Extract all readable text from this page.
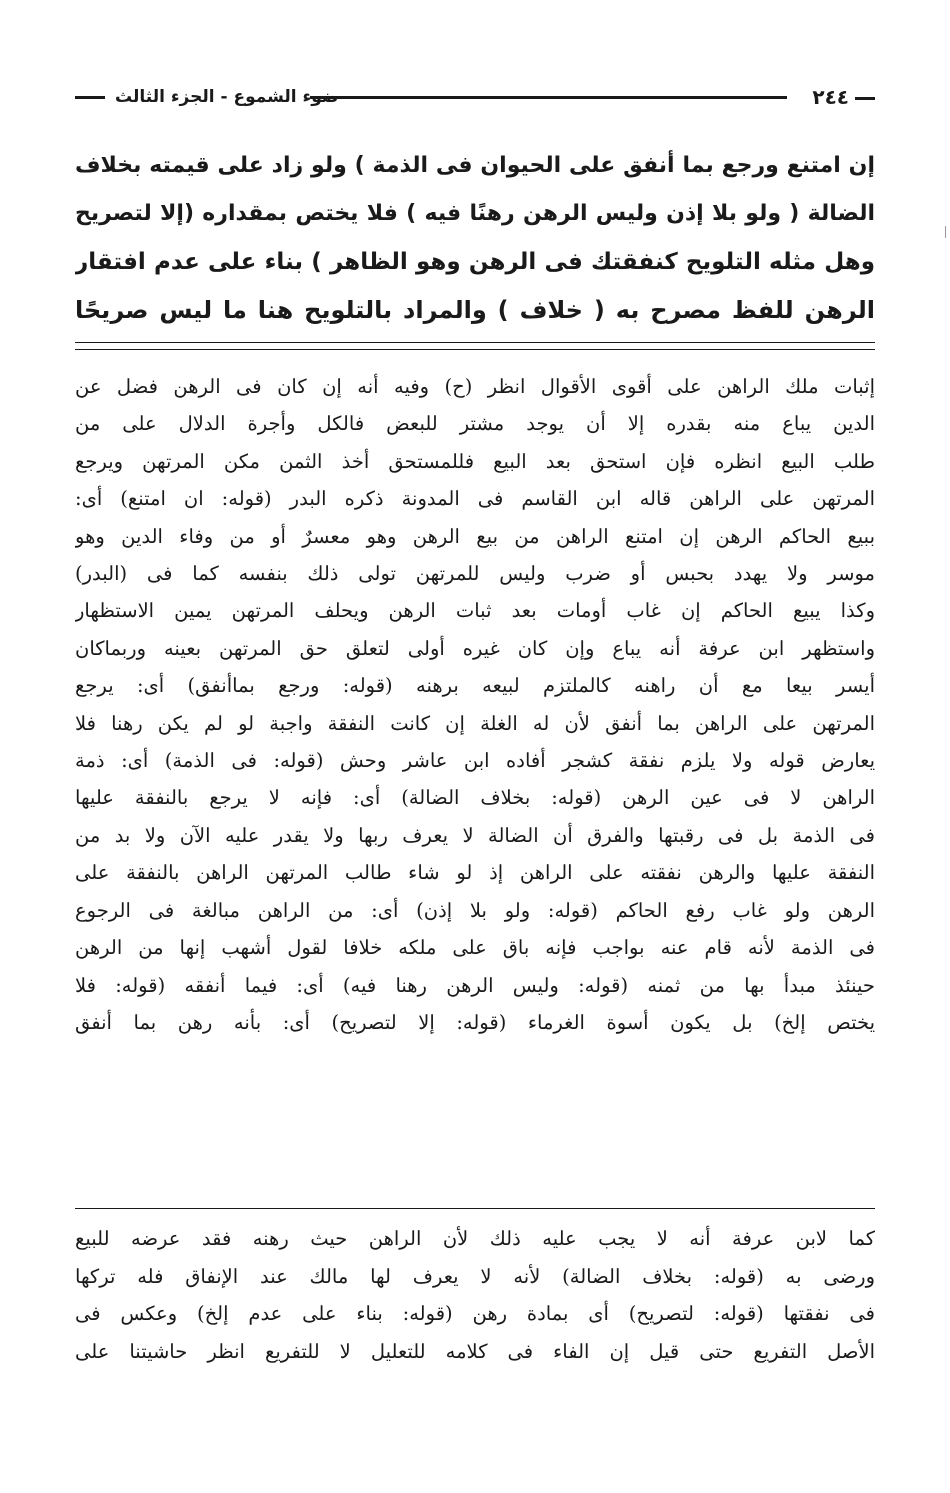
٢٤٤
ضوء الشموع - الجزء الثالث
إن امتنع ورجع بما أنفق على الحيوان فى الذمة ) ولو زاد على قيمته بخلاف
الضالة ( ولو بلا إذن وليس الرهن رهنًا فيه ) فلا يختص بمقداره (إلا لتصريح
وهل مثله التلويح كنفقتك فى الرهن وهو الظاهر ) بناء على عدم افتقار
الرهن للفظ مصرح به ( خلاف ) والمراد بالتلويح هنا ما ليس صريحًا
إثبات ملك الراهن على أقوى الأقوال انظر (ح) وفيه أنه إن كان فى الرهن فضل عن
الدين يباع منه بقدره إلا أن يوجد مشتر للبعض فالكل وأجرة الدلال على من
طلب البيع انظره فإن استحق بعد البيع فللمستحق أخذ الثمن مكن المرتهن ويرجع
المرتهن على الراهن قاله ابن القاسم فى المدونة ذكره البدر (قوله: ان امتنع) أى:
ببيع الحاكم الرهن إن امتنع الراهن من بيع الرهن وهو معسرٌ أو من وفاء الدين وهو
موسر ولا يهدد بحبس أو ضرب وليس للمرتهن تولى ذلك بنفسه كما فى (البدر)
وكذا يبيع الحاكم إن غاب أومات بعد ثبات الرهن ويحلف المرتهن يمين الاستظهار
واستظهر ابن عرفة أنه يباع وإن كان غيره أولى لتعلق حق المرتهن بعينه وربماكان
أيسر بيعا مع أن راهنه كالملتزم لبيعه برهنه (قوله: ورجع بماأنفق) أى: يرجع
المرتهن على الراهن بما أنفق لأن له الغلة إن كانت النفقة واجبة لو لم يكن رهنا فلا
يعارض قوله ولا يلزم نفقة كشجر أفاده ابن عاشر وحش (قوله: فى الذمة) أى: ذمة
الراهن لا فى عين الرهن (قوله: بخلاف الضالة) أى: فإنه لا يرجع بالنفقة عليها
فى الذمة بل فى رقبتها والفرق أن الضالة لا يعرف ربها ولا يقدر عليه الآن ولا بد من
النفقة عليها والرهن نفقته على الراهن إذ لو شاء طالب المرتهن الراهن بالنفقة على
الرهن ولو غاب رفع الحاكم (قوله: ولو بلا إذن) أى: من الراهن مبالغة فى الرجوع
فى الذمة لأنه قام عنه بواجب فإنه باق على ملكه خلافا لقول أشهب إنها من الرهن
حينئذ مبدأ بها من ثمنه (قوله: وليس الرهن رهنا فيه) أى: فيما أنفقه (قوله: فلا
يختص إلخ) بل يكون أسوة الغرماء (قوله: إلا لتصريح) أى: بأنه رهن بما أنفق
كما لابن عرفة أنه لا يجب عليه ذلك لأن الراهن حيث رهنه فقد عرضه للبيع
ورضى به (قوله: بخلاف الضالة) لأنه لا يعرف لها مالك عند الإنفاق فله تركها
فى نفقتها (قوله: لتصريح) أى بمادة رهن (قوله: بناء على عدم إلخ) وعكس فى
الأصل التفريع حتى قيل إن الفاء فى كلامه للتعليل لا للتفريع انظر حاشيتنا على
